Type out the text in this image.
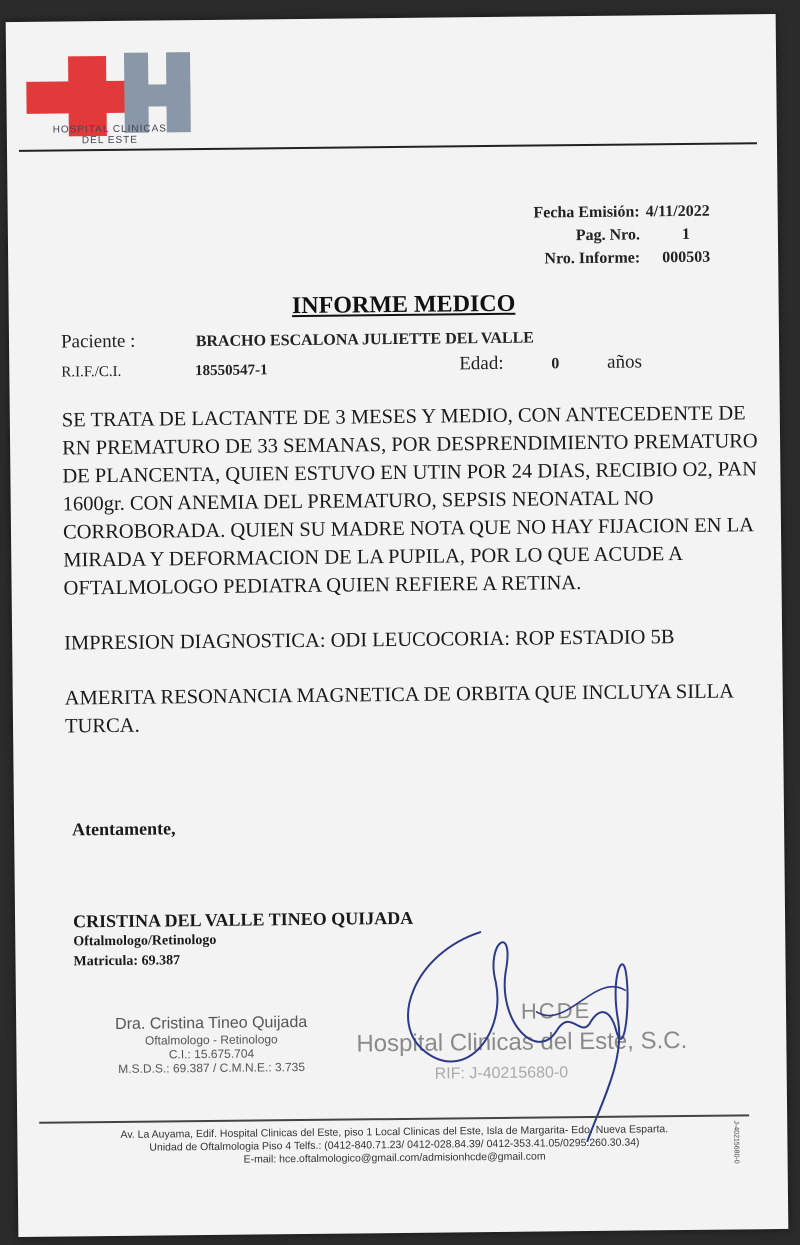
HOSPITAL CLINICAS
DEL ESTE
Fecha Emisión: 4/11/2022
Pag. Nro.	1
Nro. Informe:	000503
INFORME MEDICO
Paciente :	BRACHO ESCALONA JULIETTE DEL VALLE
R.I.F./C.I.	18550547-1	Edad:	0	años

SE TRATA DE LACTANTE DE 3 MESES Y MEDIO, CON ANTECEDENTE DE RN PREMATURO DE 33 SEMANAS, POR DESPRENDIMIENTO PREMATURO DE PLANCENTA, QUIEN ESTUVO EN UTIN POR 24 DIAS, RECIBIO O2, PAN 1600gr. CON ANEMIA DEL PREMATURO, SEPSIS NEONATAL NO CORROBORADA. QUIEN SU MADRE NOTA QUE NO HAY FIJACION EN LA MIRADA Y DEFORMACION DE LA PUPILA, POR LO QUE ACUDE A OFTALMOLOGO PEDIATRA QUIEN REFIERE A RETINA.

IMPRESION DIAGNOSTICA: ODI LEUCOCORIA: ROP ESTADIO 5B

AMERITA RESONANCIA MAGNETICA DE ORBITA QUE INCLUYA SILLA TURCA.

Atentamente,
CRISTINA DEL VALLE TINEO QUIJADA
Oftalmologo/Retinologo
Matricula: 69.387
Dra. Cristina Tineo Quijada
Oftalmologo - Retinologo
C.I.: 15.675.704
M.S.D.S.: 69.387 / C.M.N.E.: 3.735
HCDE
Hospital Clinicas del Este, S.C.
RIF: J-40215680-0
Av. La Auyama, Edif. Hospital Clinicas del Este, piso 1 Local Clinicas del Este, Isla de Margarita- Edo. Nueva Esparta.
Unidad de Oftalmologia Piso 4 Telfs.: (0412-840.71.23/ 0412-028.84.39/ 0412-353.41.05/0295.260.30.34)
E-mail: hce.oftalmologico@gmail.com/admisionhcde@gmail.com	J-40215680-0
